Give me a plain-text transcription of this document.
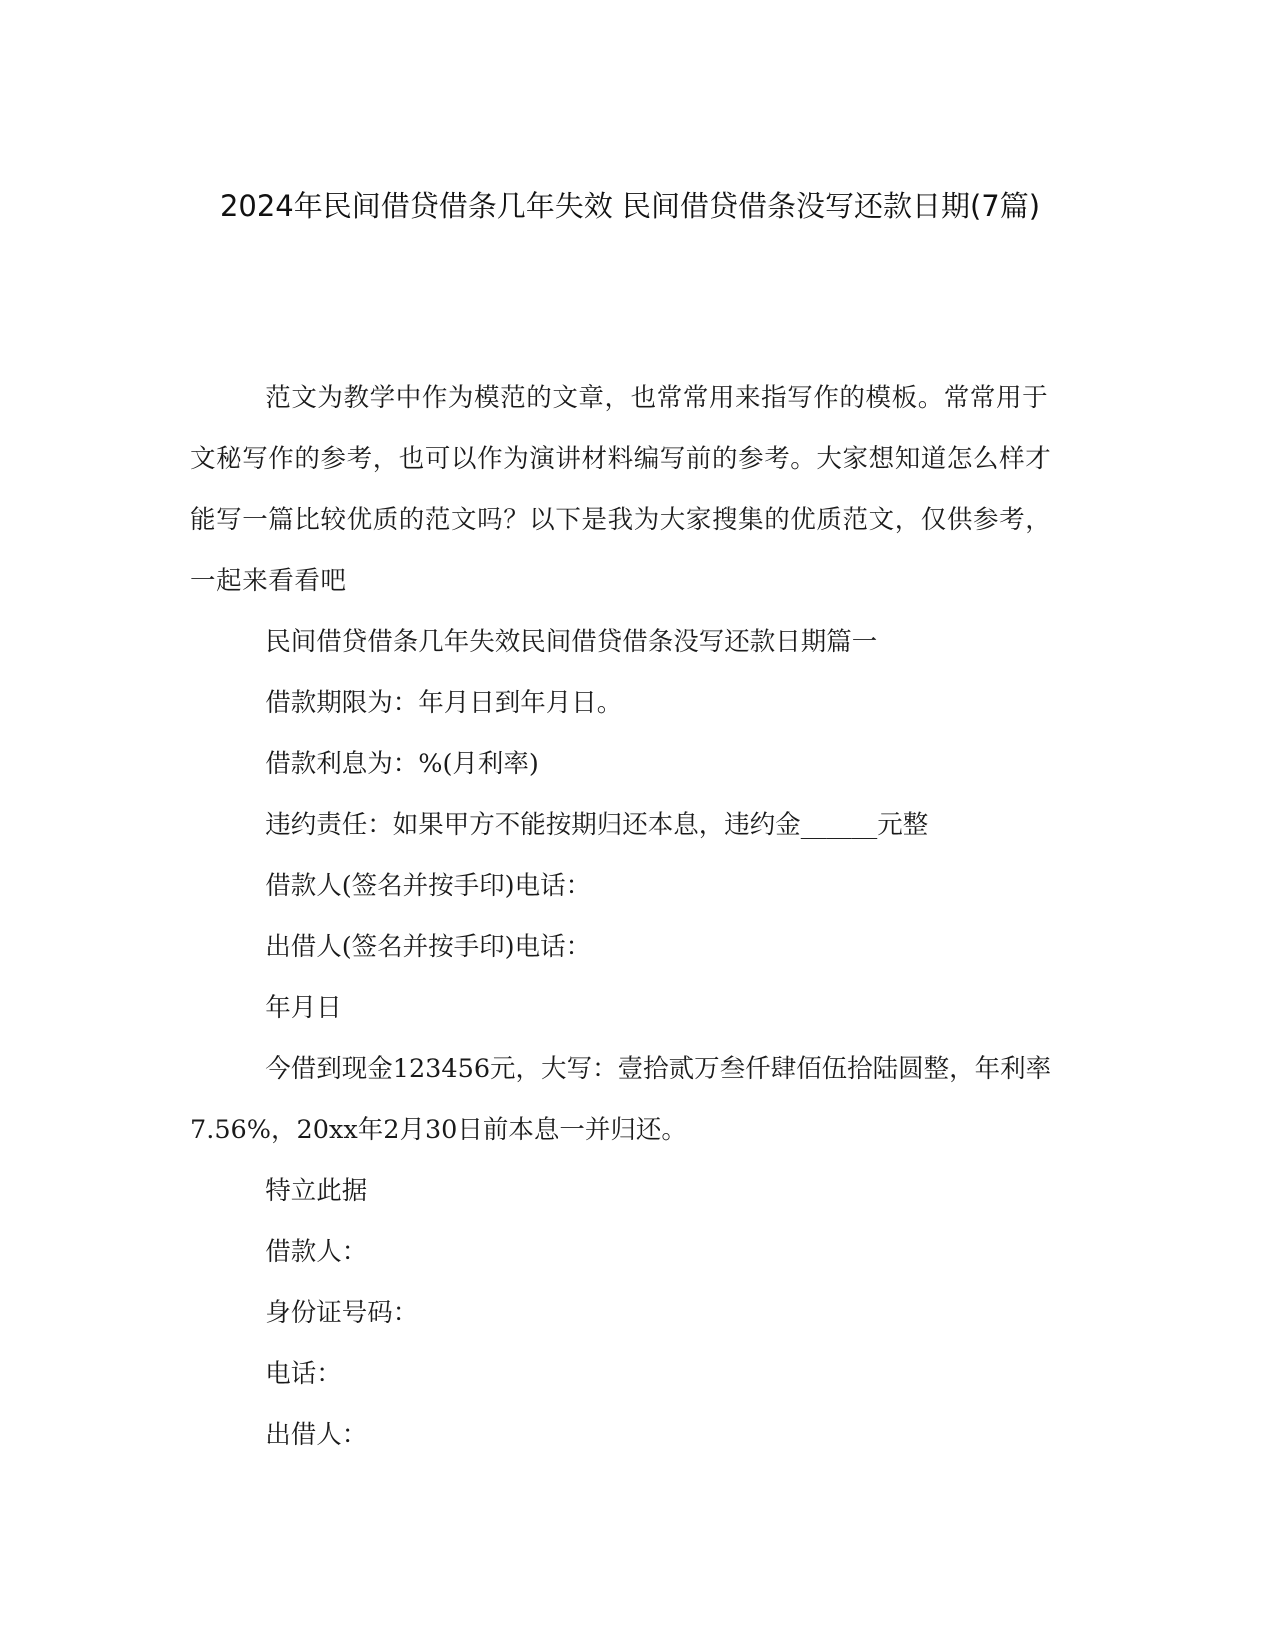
2024年民间借贷借条几年失效 民间借贷借条没写还款日期(7篇)

范文为教学中作为模范的文章，也常常用来指写作的模板。常常用于文秘写作的参考，也可以作为演讲材料编写前的参考。大家想知道怎么样才能写一篇比较优质的范文吗？以下是我为大家搜集的优质范文，仅供参考，一起来看看吧

民间借贷借条几年失效民间借贷借条没写还款日期篇一

借款期限为：年月日到年月日。

借款利息为：%(月利率)

违约责任：如果甲方不能按期归还本息，违约金______元整

借款人(签名并按手印)电话：

出借人(签名并按手印)电话：

年月日

今借到现金123456元，大写：壹拾贰万叁仟肆佰伍拾陆圆整，年利率7.56%，20xx年2月30日前本息一并归还。

特立此据

借款人：

身份证号码：

电话：

出借人：
